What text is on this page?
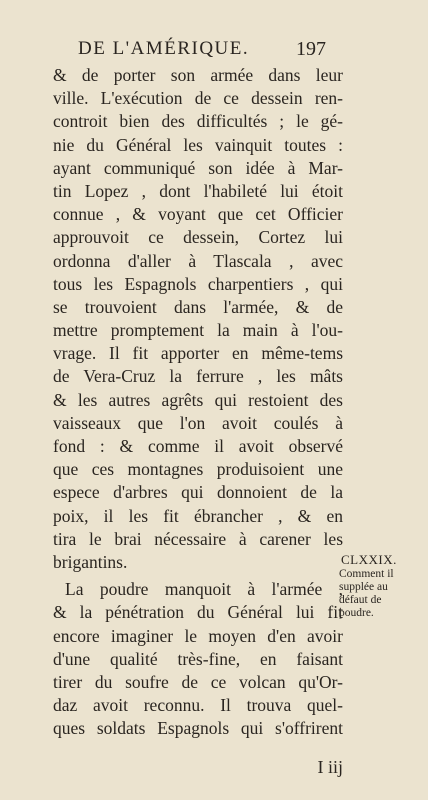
DE L'AMÉRIQUE. 197
& de porter son armée dans leur
ville. L'exécution de ce dessein ren-
controit bien des difficultés ; le gé-
nie du Général les vainquit toutes :
ayant communiqué son idée à Mar-
tin Lopez , dont l'habileté lui étoit
connue , & voyant que cet Officier
approuvoit ce dessein, Cortez lui
ordonna d'aller à Tlascala , avec
tous les Espagnols charpentiers , qui
se trouvoient dans l'armée, & de
mettre promptement la main à l'ou-
vrage. Il fit apporter en même-tems
de Vera-Cruz la ferrure , les mâts
& les autres agrêts qui restoient des
vaisseaux que l'on avoit coulés à
fond : & comme il avoit observé
que ces montagnes produisoient une
espece d'arbres qui donnoient de la
poix, il les fit ébrancher , & en
tira le brai nécessaire à carener les
brigantins.
La poudre manquoit à l'armée ,
& la pénétration du Général lui fit
encore imaginer le moyen d'en avoir
d'une qualité très-fine, en faisant
tirer du soufre de ce volcan qu'Or-
daz avoit reconnu. Il trouva quel-
ques soldats Espagnols qui s'offrirent
CLXXIX.
Comment il
supplée au
défaut de
poudre.
I iij
